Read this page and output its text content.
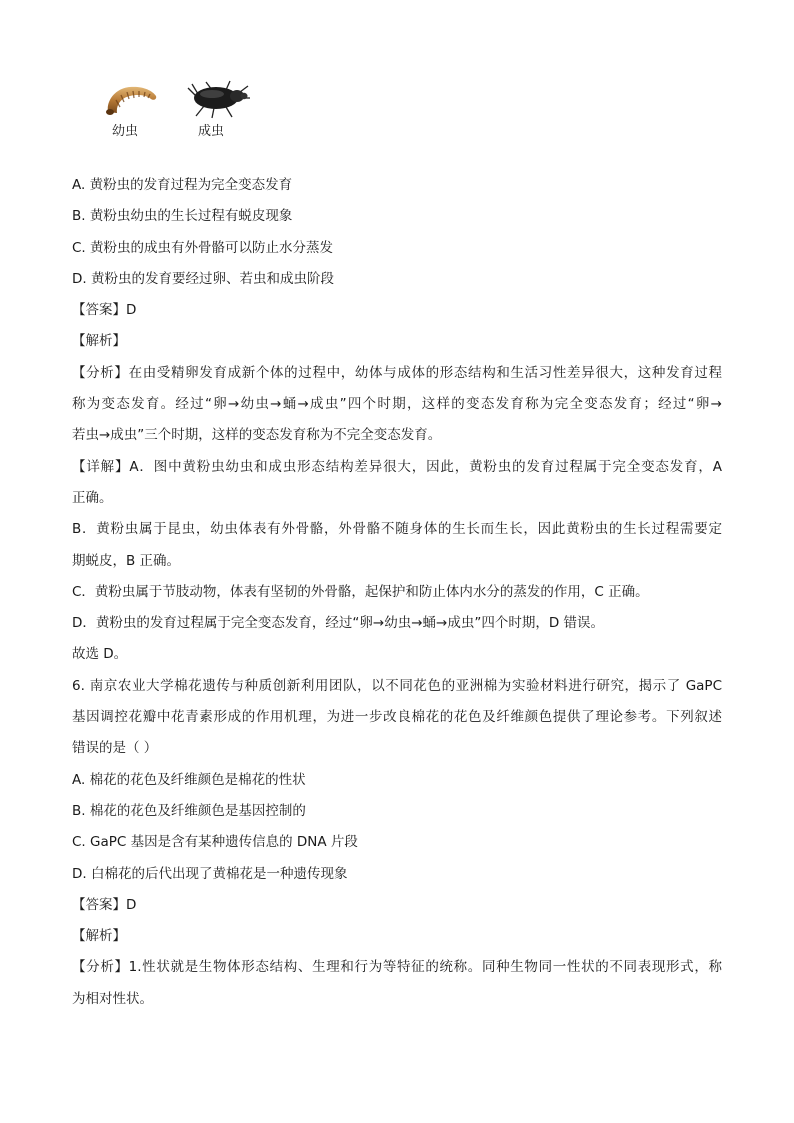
幼虫	成虫
A. 黄粉虫的发育过程为完全变态发育
B. 黄粉虫幼虫的生长过程有蜕皮现象
C. 黄粉虫的成虫有外骨骼可以防止水分蒸发
D. 黄粉虫的发育要经过卵、若虫和成虫阶段
【答案】D
【解析】
【分析】在由受精卵发育成新个体的过程中，幼体与成体的形态结构和生活习性差异很大，这种发育过程
称为变态发育。经过“卵→幼虫→蛹→成虫”四个时期，这样的变态发育称为完全变态发育；经过“卵→
若虫→成虫”三个时期，这样的变态发育称为不完全变态发育。
【详解】A．图中黄粉虫幼虫和成虫形态结构差异很大，因此，黄粉虫的发育过程属于完全变态发育，A
正确。
B．黄粉虫属于昆虫，幼虫体表有外骨骼，外骨骼不随身体的生长而生长，因此黄粉虫的生长过程需要定
期蜕皮，B 正确。
C．黄粉虫属于节肢动物，体表有坚韧的外骨骼，起保护和防止体内水分的蒸发的作用，C 正确。
D．黄粉虫的发育过程属于完全变态发育，经过“卵→幼虫→蛹→成虫”四个时期，D 错误。
故选 D。
6. 南京农业大学棉花遗传与种质创新利用团队，以不同花色的亚洲棉为实验材料进行研究，揭示了 GaPC
基因调控花瓣中花青素形成的作用机理，为进一步改良棉花的花色及纤维颜色提供了理论参考。下列叙述
错误的是（ ）
A. 棉花的花色及纤维颜色是棉花的性状
B. 棉花的花色及纤维颜色是基因控制的
C. GaPC 基因是含有某种遗传信息的 DNA 片段
D. 白棉花的后代出现了黄棉花是一种遗传现象
【答案】D
【解析】
【分析】1.性状就是生物体形态结构、生理和行为等特征的统称。同种生物同一性状的不同表现形式，称
为相对性状。
